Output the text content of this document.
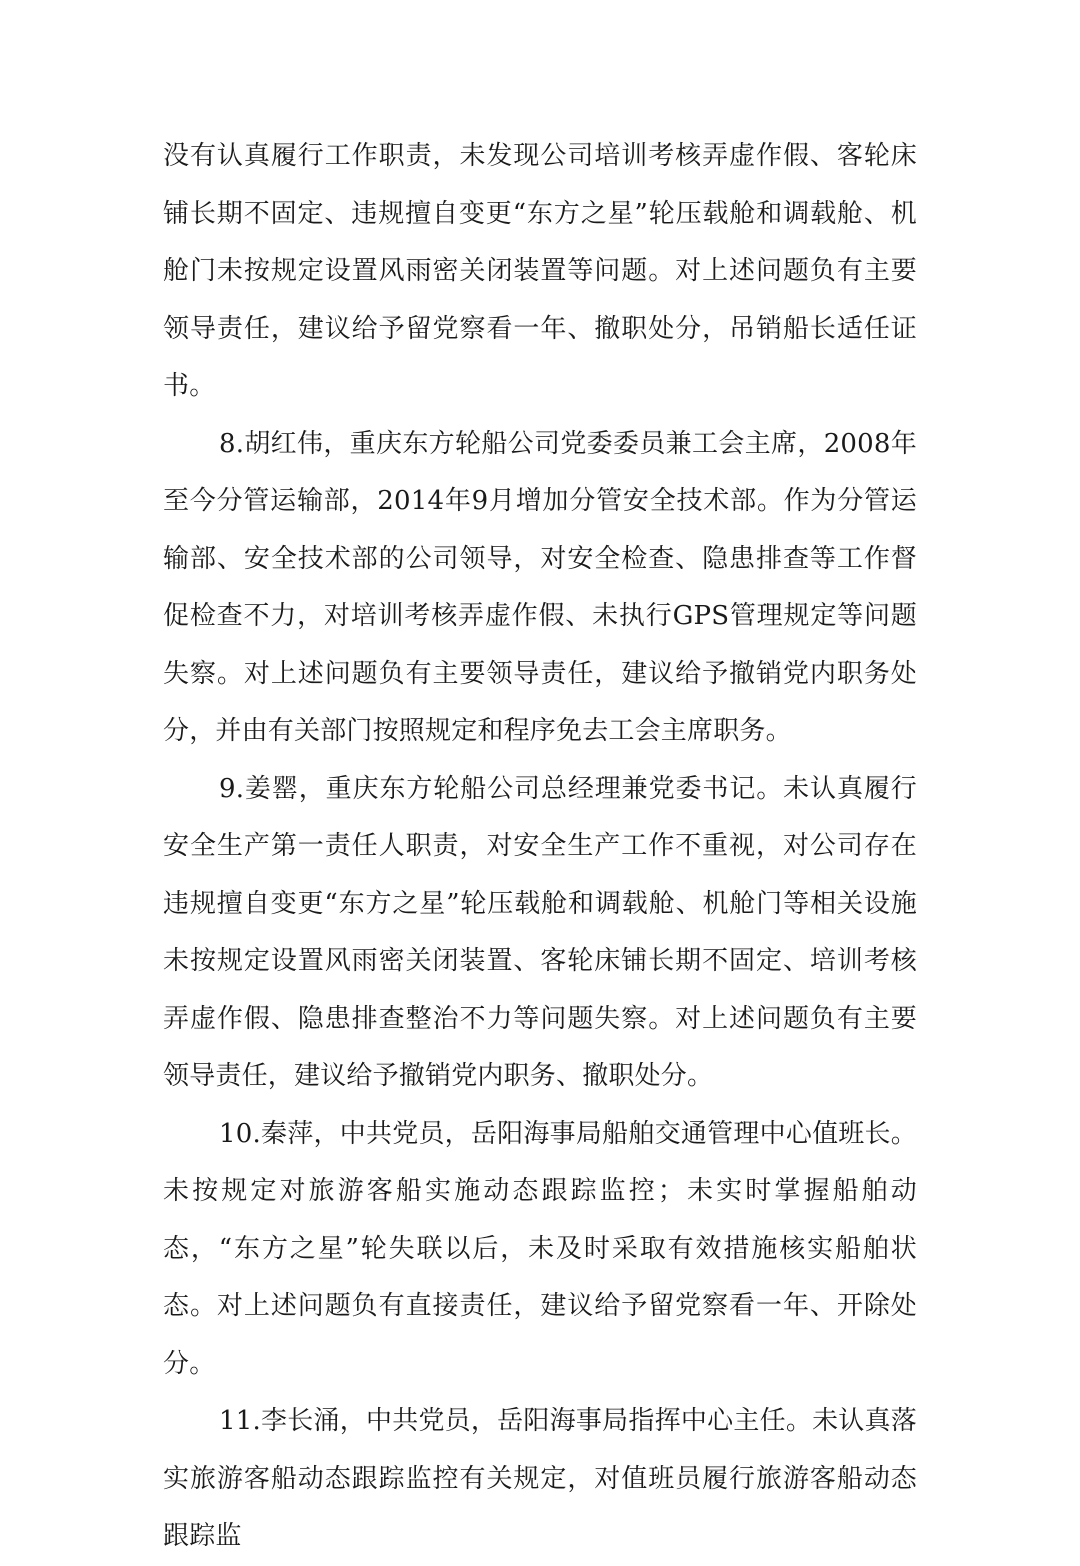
没有认真履行工作职责，未发现公司培训考核弄虚作假、客轮床铺长期不固定、违规擅自变更“东方之星”轮压载舱和调载舱、机舱门未按规定设置风雨密关闭装置等问题。对上述问题负有主要领导责任，建议给予留党察看一年、撤职处分，吊销船长适任证书。

8.胡红伟，重庆东方轮船公司党委委员兼工会主席，2008年至今分管运输部，2014年9月增加分管安全技术部。作为分管运输部、安全技术部的公司领导，对安全检查、隐患排查等工作督促检查不力，对培训考核弄虚作假、未执行GPS管理规定等问题失察。对上述问题负有主要领导责任，建议给予撤销党内职务处分，并由有关部门按照规定和程序免去工会主席职务。

9.姜罂，重庆东方轮船公司总经理兼党委书记。未认真履行安全生产第一责任人职责，对安全生产工作不重视，对公司存在违规擅自变更“东方之星”轮压载舱和调载舱、机舱门等相关设施未按规定设置风雨密关闭装置、客轮床铺长期不固定、培训考核弄虚作假、隐患排查整治不力等问题失察。对上述问题负有主要领导责任，建议给予撤销党内职务、撤职处分。

10.秦萍，中共党员，岳阳海事局船舶交通管理中心值班长。未按规定对旅游客船实施动态跟踪监控；未实时掌握船舶动态，“东方之星”轮失联以后，未及时采取有效措施核实船舶状态。对上述问题负有直接责任，建议给予留党察看一年、开除处分。

11.李长涌，中共党员，岳阳海事局指挥中心主任。未认真落实旅游客船动态跟踪监控有关规定，对值班员履行旅游客船动态跟踪监
